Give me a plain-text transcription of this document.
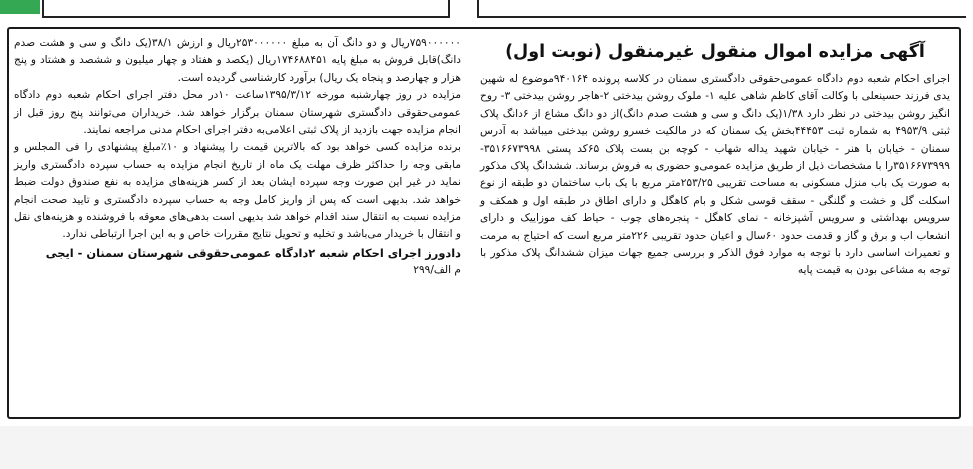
آگهی مزایده اموال منقول غیرمنقول (نوبت اول)

اجرای احکام شعبه دوم دادگاه عمومی‌حقوقی دادگستری سمنان در کلاسه پرونده ۹۴۰۱۶۴موضوع له شهین یدی فرزند حسینعلی با وکالت آقای کاظم شاهی علیه ۱- ملوک روشن بیدختی ۲-هاجر روشن بیدختی ۳- روح انگیز روشن بیدختی در نظر دارد ۱/۳۸(یک دانگ و سی و هشت صدم دانگ)از دو دانگ مشاع از ۶دانگ پلاک ثبتی ۴۹۵۳/۹ به شماره ثبت ۴۴۴۵۳بخش یک سمنان که در مالکیت خسرو روشن بیدختی میباشد به آدرس سمنان - خیابان با هنر - خیابان شهید یداله شهاب - کوچه بن بست پلاک ۶۵کد پستی ۳۵۱۶۶۷۳۹۹۸- ۳۵۱۶۶۷۳۹۹۹را با مشخصات ذیل از طریق مزایده عمومی‌و حضوری به فروش برساند. ششدانگ پلاک مذکور به صورت یک باب منزل مسکونی به مساحت تقریبی ۲۵۳/۲۵متر مربع با یک باب ساختمان دو طبقه از نوع اسکلت گل و خشت و گلنگی - سقف قوسی شکل و بام کاهگل و دارای اطاق در طبقه اول و همکف و سرویس بهداشتی و سرویس آشپزخانه - نمای کاهگل - پنجره‌های چوب - حیاط کف موزاییک و دارای انشعاب اب و برق و گاز و قدمت حدود ۶۰سال و اعیان حدود تقریبی ۲۲۶متر مربع است که احتیاج به مرمت و تعمیرات اساسی دارد با توجه به موارد فوق الذکر و بررسی جمیع جهات میزان ششدانگ پلاک مذکور با توجه به مشاعی بودن به قیمت پایه

۷۵۹۰۰۰۰۰۰ریال و دو دانگ آن به مبلغ ۲۵۳۰۰۰۰۰۰ریال و ارزش ۳۸/۱(یک دانگ و سی و هشت صدم دانگ)قابل فروش به مبلغ پایه ۱۷۴۶۸۸۴۵۱ریال (یکصد و هفتاد و چهار میلیون و ششصد و هشتاد و پنج هزار و چهارصد و پنجاه یک ریال) برآورد کارشناسی گردیده است.

مزایده در روز چهارشنبه مورخه ۱۳۹۵/۳/۱۲ساعت ۱۰در محل دفتر اجرای احکام شعبه دوم دادگاه عمومی‌حقوقی دادگستری شهرستان سمنان برگزار خواهد شد. خریداران می‌توانند پنج روز قبل از انجام مزایده جهت بازدید از پلاک ثبتی اعلامی‌به دفتر اجرای احکام مدنی مراجعه نمایند.

برنده مزایده کسی خواهد بود که بالاترین قیمت را پیشنهاد و ۱۰٪مبلغ پیشنهادی را فی المجلس و مابقی وجه را حداکثر ظرف مهلت یک ماه از تاریخ انجام مزایده به حساب سپرده دادگستری واریز نماید در غیر این صورت وجه سپرده ایشان بعد از کسر هزینه‌های مزایده به نفع صندوق دولت ضبط خواهد شد. بدیهی است که پس از واریز کامل وجه به حساب سپرده دادگستری و تایید صحت انجام مزایده نسبت به انتقال سند اقدام خواهد شد بدیهی است بدهی‌های معوقه با فروشنده و هزینه‌های نقل و انتقال با خریدار می‌باشد و تخلیه و تحویل نتایج مقررات خاص و به این اجرا ارتباطی ندارد.

دادورز اجرای احکام شعبه ۲دادگاه عمومی‌حقوقی شهرستان سمنان - ایجی
م الف/۲۹۹
